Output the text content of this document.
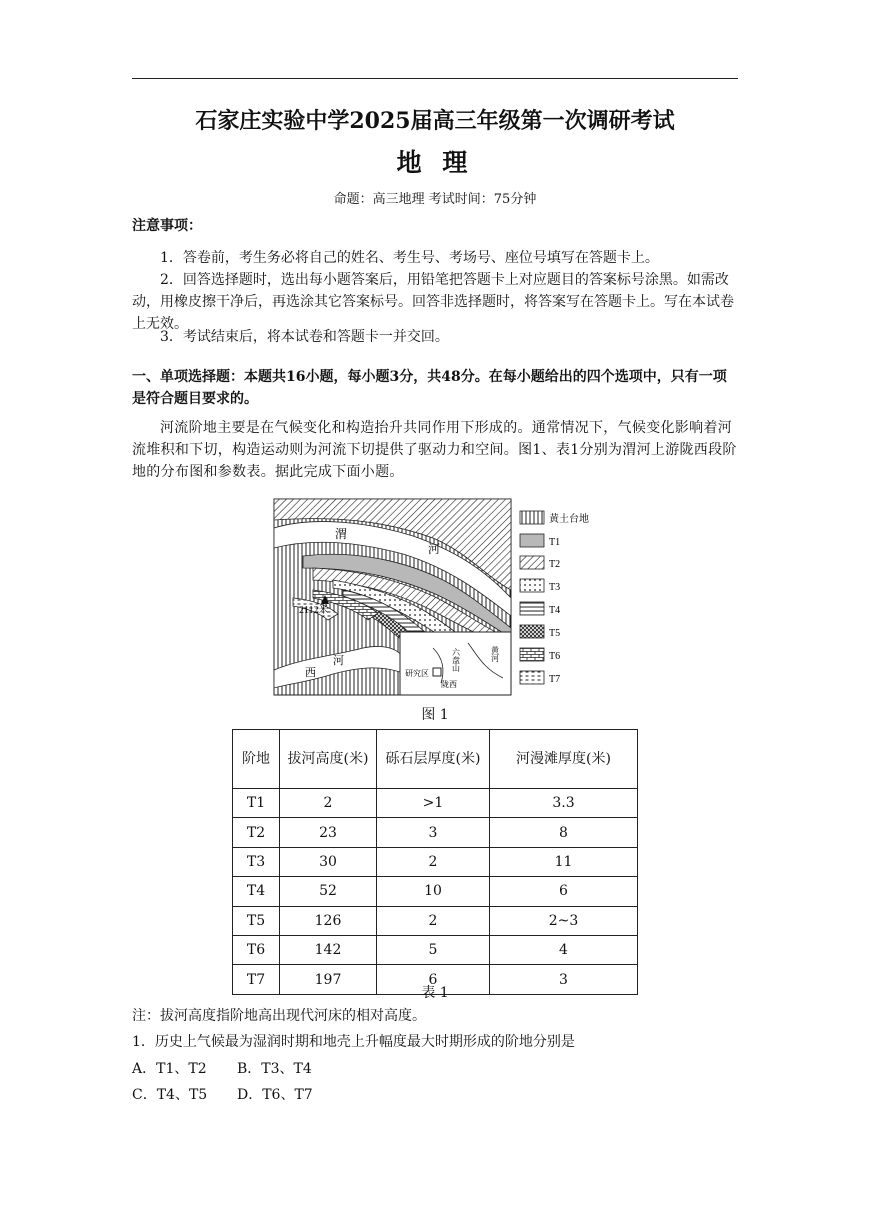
石家庄实验中学2025届高三年级第一次调研考试
地 理
命题：高三地理 考试时间：75分钟
注意事项：
1．答卷前，考生务必将自己的姓名、考生号、考场号、座位号填写在答题卡上。
2．回答选择题时，选出每小题答案后，用铅笔把答题卡上对应题目的答案标号涂黑。如需改动，用橡皮擦干净后，再选涂其它答案标号。回答非选择题时，将答案写在答题卡上。写在本试卷上无效。
3．考试结束后，将本试卷和答题卡一并交回。
一、单项选择题：本题共16小题，每小题3分，共48分。在每小题给出的四个选项中，只有一项是符合题目要求的。
河流阶地主要是在气候变化和构造抬升共同作用下形成的。通常情况下，气候变化影响着河流堆积和下切，构造运动则为河流下切提供了驱动力和空间。图1、表1分别为渭河上游陇西段阶地的分布图和参数表。据此完成下面小题。
2112米
渭
河
西
河	六盘山	黄河
研究区
陇西
黄土台地
T1
T2
T3
T4
T5
T6
T7
图 1
阶地	拔河高度(米)	砾石层厚度(米)	河漫滩厚度(米)
T1	2	>1	3.3
T2	23	3	8
T3	30	2	11
T4	52	10	6
T5	126	2	2~3
T6	142	5	4
T7	197	6	3
表 1
注：拔河高度指阶地高出现代河床的相对高度。
1．历史上气候最为湿润时期和地壳上升幅度最大时期形成的阶地分别是
A．T1、T2	B．T3、T4
C．T4、T5	D．T6、T7
